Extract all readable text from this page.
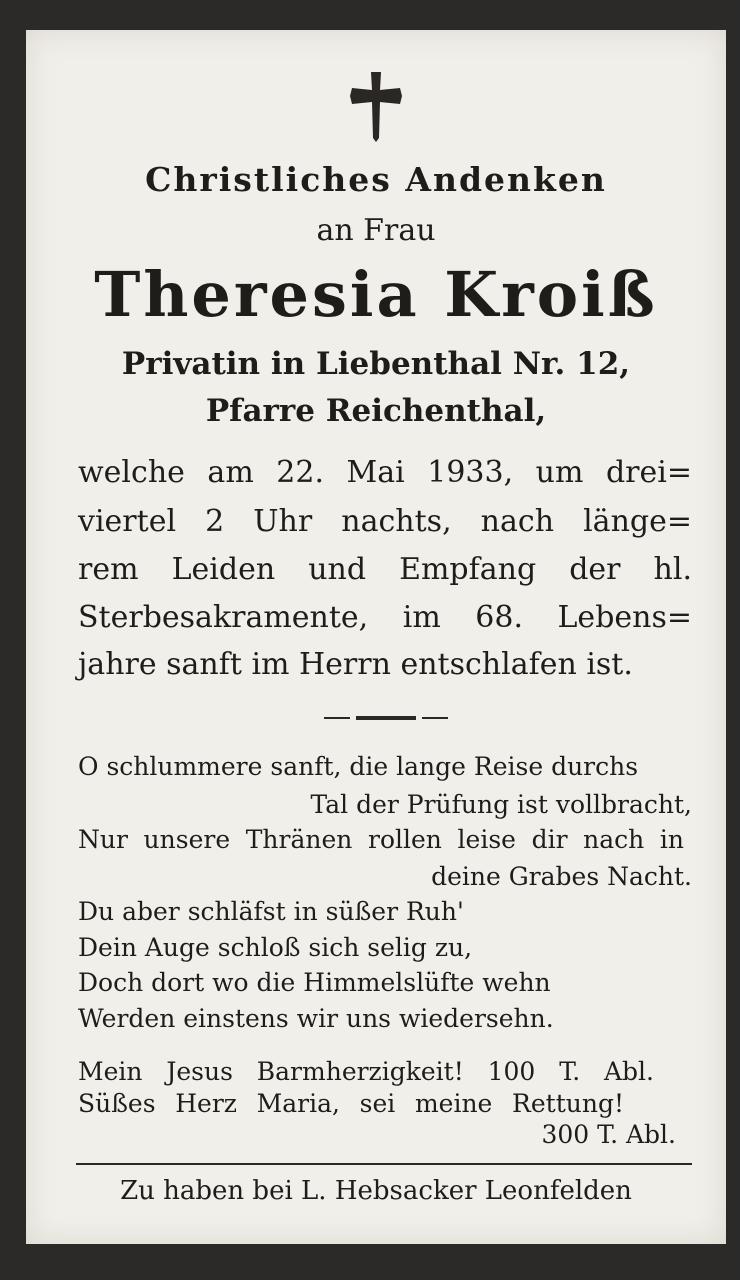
Christliches Andenken
an Frau
Theresia Kroiß
Privatin in Liebenthal Nr. 12,
Pfarre Reichenthal,
welche am 22. Mai 1933, um drei=
viertel 2 Uhr nachts, nach länge=
rem Leiden und Empfang der hl.
Sterbesakramente, im 68. Lebens=
jahre sanft im Herrn entschlafen ist.
O schlummere sanft, die lange Reise durchs
Tal der Prüfung ist vollbracht,
Nur unsere Thränen rollen leise dir nach in
deine Grabes Nacht.
Du aber schläfst in süßer Ruh'
Dein Auge schloß sich selig zu,
Doch dort wo die Himmelslüfte wehn
Werden einstens wir uns wiedersehn.
Mein Jesus Barmherzigkeit! 100 T. Abl.
Süßes Herz Maria, sei meine Rettung!
300 T. Abl.
Zu haben bei L. Hebsacker Leonfelden
